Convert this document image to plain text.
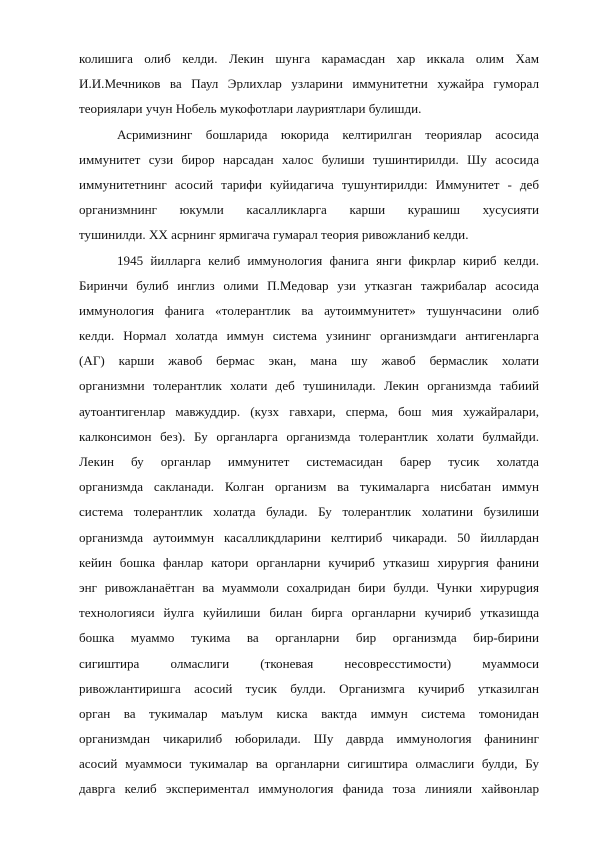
колишига олиб келди. Лекин шунга карамасдан хар иккала олим Хам
И.И.Мечников ва Паул Эрлихлар узларини иммунитетни хужайра гуморал
теориялари учун Нобель мукофотлари лауриятлари булишди.
Асримизнинг бошларида юкорида келтирилган теориялар асосида
иммунитет сузи бирор нарсадан халос булиши тушинтирилди. Шу асосида
иммунитетнинг асосий тарифи куйидагича тушунтирилди: Иммунитет - деб
организмнинг юкумли касалликларга карши курашиш хусусияти
тушинилди. XX асрнинг ярмигача гумарал теория ривожланиб келди.
1945 йилларга келиб иммунология фанига янги фикрлар кириб келди.
Биринчи булиб инглиз олими П.Медовар узи утказган тажрибалар асосида
иммунология фанига «толерантлик ва аутоиммунитет» тушунчасини олиб
келди. Нормал холатда иммун система узининг организмдаги антигенларга
(АГ) карши жавоб бермас экан, мана шу жавоб бермаслик холати
организмни толерантлик холати деб тушинилади. Лекин организмда табиий
аутоантигенлар мавжуддир. (кузх гавхари, сперма, бош мия хужайралари,
калконсимон без). Бу органларга организмда толерантлик холати булмайди.
Лекин бу органлар иммунитет системасидан барер тусик холатда
организмда сакланади. Колган организм ва тукималарга нисбатан иммун
система толерантлик холатда булади. Бу толерантлик холатини бузилиши
организмда аутоиммун касалликдларини келтириб чикаради. 50 йиллардан
кейин бошка фанлар катори органларни кучириб утказиш хирургия фанини
энг ривожланаётган ва муаммоли сохалридан бири булди. Чунки хирурugия
технологияси йулга куйилиши билан бирга органларни кучириб утказишда
бошка муаммо тукима ва органларни бир организмда бир-бирини
сигиштира олмаслиги (тконевая несовресстимости) муаммоси
ривожлантиришга асосий тусик булди. Организмга кучириб утказилган
орган ва тукималар маълум киска вактда иммун система томонидан
организмдан чикарилиб юборилади. Шу даврда иммунология фанининг
асосий муаммоси тукималар ва органларни сигиштира олмаслиги булди, Бу
даврга келиб экспериментал иммунология фанида тоза линияли хайвонлар
